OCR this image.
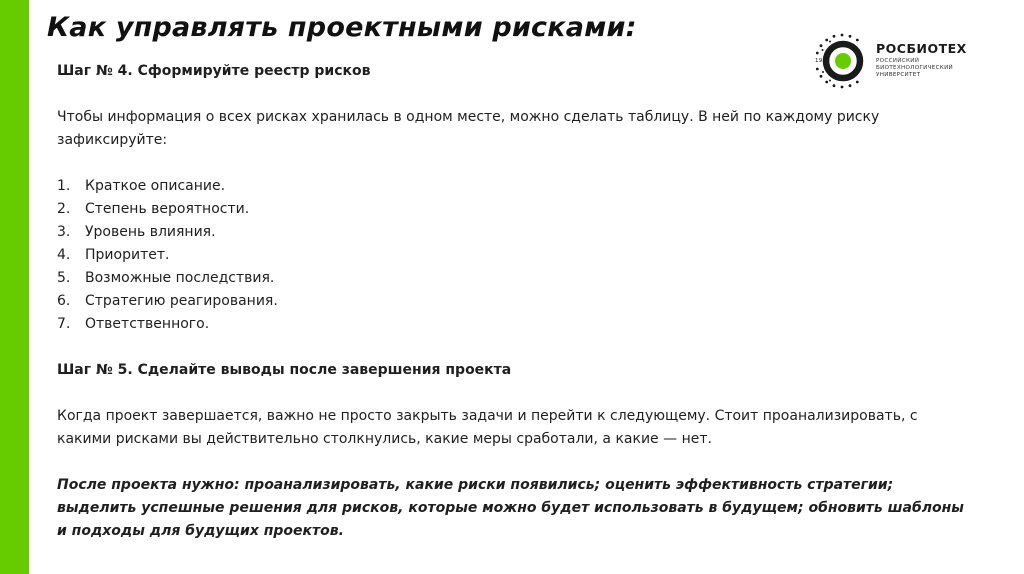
Как управлять проектными рисками:
1930
РОСБИОТЕХ
РОССИЙСКИЙ
БИОТЕХНОЛОГИЧЕСКИЙ
УНИВЕРСИТЕТ

Шаг № 4. Сформируйте реестр рисков

Чтобы информация о всех рисках хранилась в одном месте, можно сделать таблицу. В ней по каждому риску зафиксируйте:

1.	Краткое описание.
2.	Степень вероятности.
3.	Уровень влияния.
4.	Приоритет.
5.	Возможные последствия.
6.	Стратегию реагирования.
7.	Ответственного.

Шаг № 5. Сделайте выводы после завершения проекта

Когда проект завершается, важно не просто закрыть задачи и перейти к следующему. Стоит проанализировать, с какими рисками вы действительно столкнулись, какие меры сработали, а какие — нет.

После проекта нужно: проанализировать, какие риски появились; оценить эффективность стратегии; выделить успешные решения для рисков, которые можно будет использовать в будущем; обновить шаблоны и подходы для будущих проектов.
